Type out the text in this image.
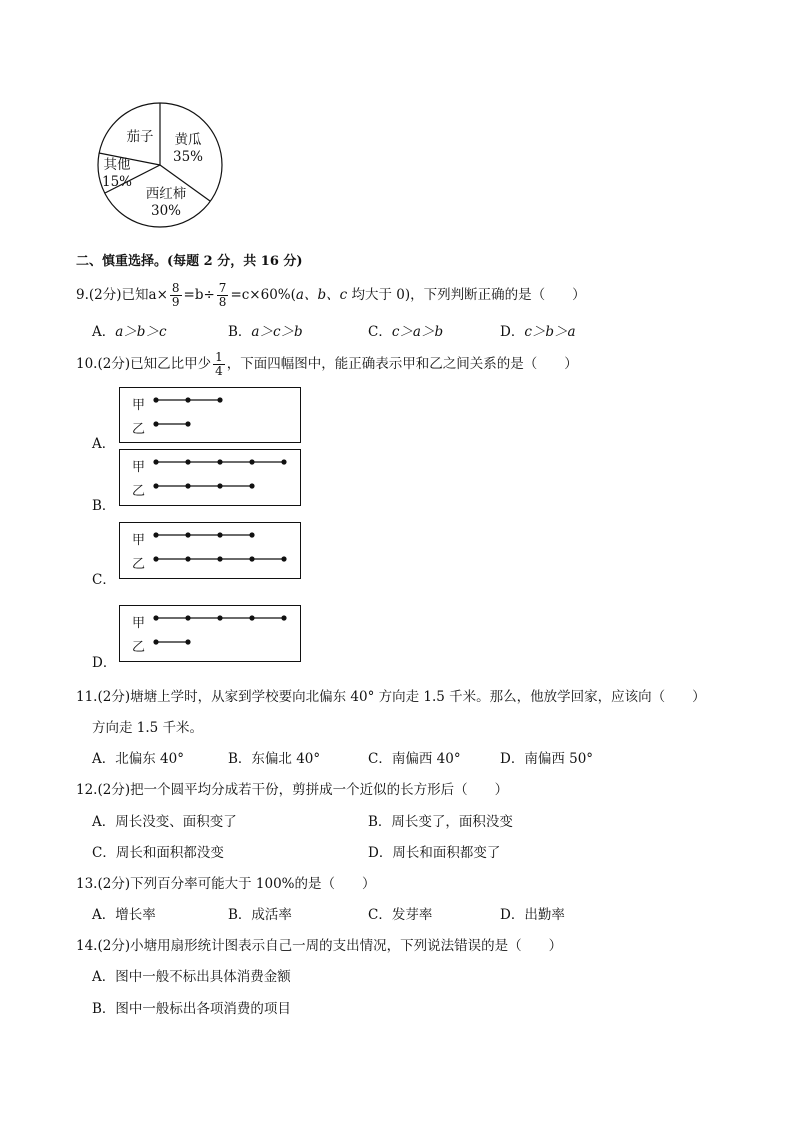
黄瓜
35%
西红柿
30%
其他
15%
茄子
二、慎重选择。(每题 2 分，共 16 分)
9.(2分)已知$a\times \frac{8}{9} =b\div \frac{7}{8} =c\times 60\%(a$、b、c 均大于 0)，下列判断正确的是（　　）
A．a＞b＞c	B．a＞c＞b	C．c＞a＞b	D．c＞b＞a
10.(2分)已知乙比甲少 $\frac{1}{4}$ ，下面四幅图中，能正确表示甲和乙之间关系的是（　　）
甲
乙
A．
甲
乙
B．
甲
乙
C．
甲
乙
D．
11.(2分)塘塘上学时，从家到学校要向北偏东 40° 方向走 1.5 千米。那么，他放学回家，应该向（　　）
方向走 1.5 千米。
A．北偏东 40°	B．东偏北 40°	C．南偏西 40°	D．南偏西 50°
12.(2分)把一个圆平均分成若干份，剪拼成一个近似的长方形后（　　）
A．周长没变、面积变了	B．周长变了，面积没变
C．周长和面积都没变	D．周长和面积都变了
13.(2分)下列百分率可能大于 100%的是（　　）
A．增长率	B．成活率	C．发芽率	D．出勤率
14.(2分)小塘用扇形统计图表示自己一周的支出情况，下列说法错误的是（　　）
A．图中一般不标出具体消费金额
B．图中一般标出各项消费的项目
